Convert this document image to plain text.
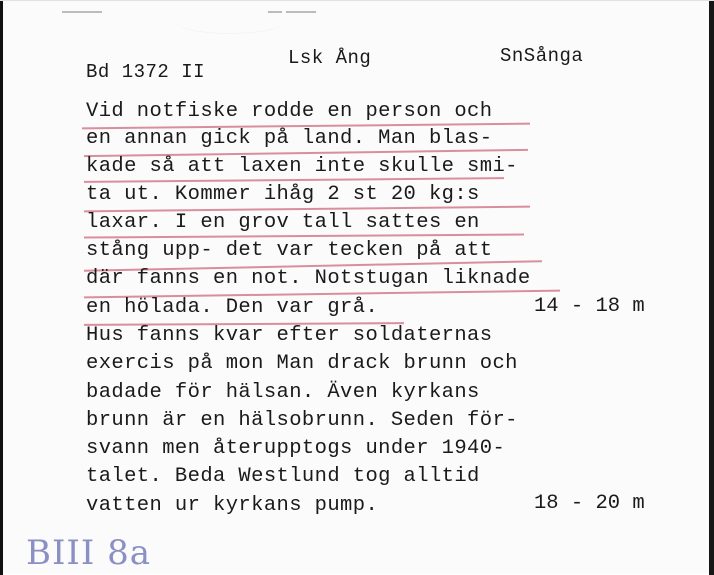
Bd 1372 II
Lsk Ång	SnSånga
Vid notfiske rodde en person och
en annan gick på land. Man blas-
kade så att laxen inte skulle smi-
ta ut. Kommer ihåg 2 st 20 kg:s
laxar. I en grov tall sattes en
stång upp- det var tecken på att
där fanns en not. Notstugan liknade
en hölada. Den var grå.
Hus fanns kvar efter soldaternas
exercis på mon Man drack brunn och
badade för hälsan. Även kyrkans
brunn är en hälsobrunn. Seden för-
svann men återupptogs under 1940-
talet. Beda Westlund tog alltid
vatten ur kyrkans pump.
14 - 18 m
18 - 20 m
BIII 8a
